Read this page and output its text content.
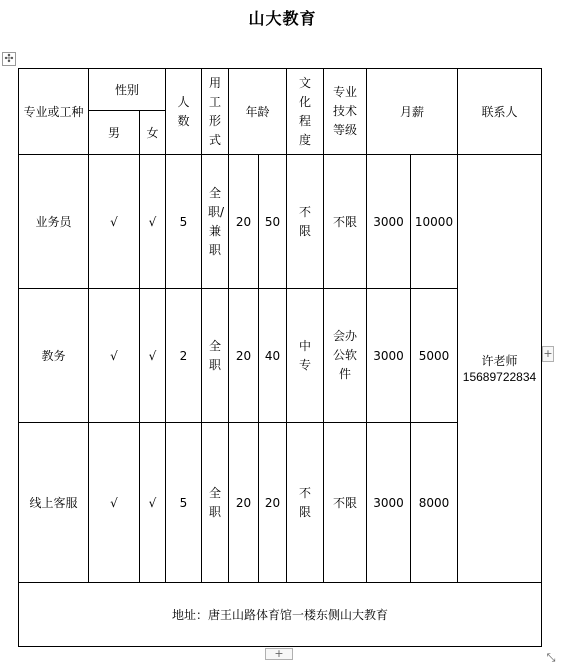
山大教育
✣
专业或工种	性别		人数	用工形式	年龄		文化程度	专业技术等级	月薪		联系人
	男	女									
业务员	√	√	5	全职/兼职	20	50	不限	不限	3000	10000	许老师
15689722834

教务	√	√	2	全职	20	40	中专	会办公软件	3000	5000	
线上客服	√	√	5	全职	20	20	不限	不限	3000	8000	
地址：唐王山路体育馆一楼东侧山大教育											
+
+	⤡
